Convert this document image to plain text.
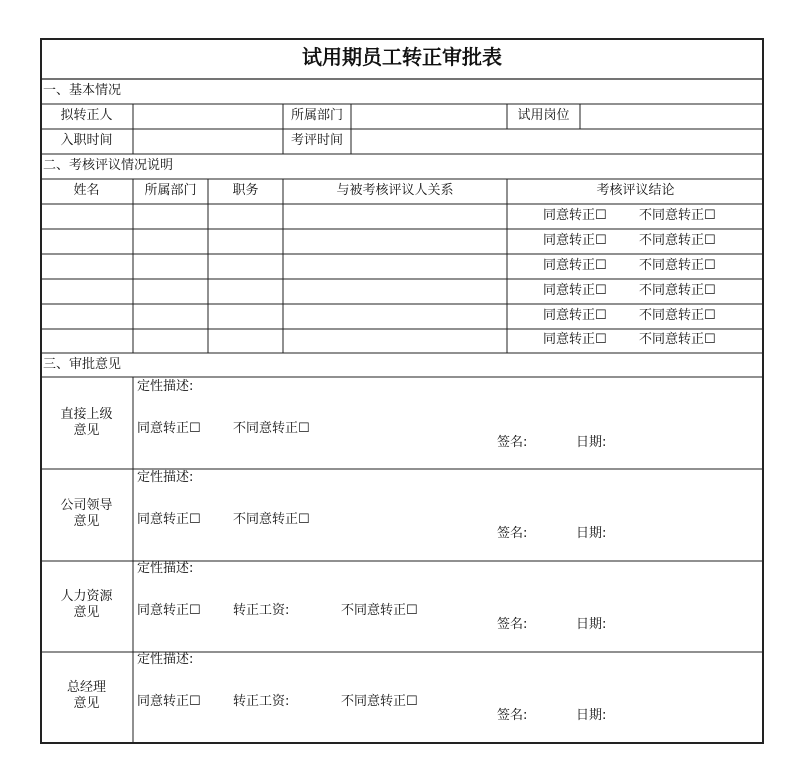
试用期员工转正审批表
一、基本情况
拟转正人	所属部门	试用岗位
入职时间	考评时间
二、考核评议情况说明
姓名	所属部门	职务	与被考核评议人关系	考核评议结论
同意转正☐ 不同意转正☐
同意转正☐ 不同意转正☐
同意转正☐ 不同意转正☐
同意转正☐ 不同意转正☐
同意转正☐ 不同意转正☐
同意转正☐ 不同意转正☐
三、审批意见
直接上级
意见
定性描述:
同意转正☐ 不同意转正☐
签名:	日期:
公司领导
意见
定性描述:
同意转正☐ 不同意转正☐
签名:	日期:
人力资源
意见
定性描述:
同意转正☐ 转正工资:	不同意转正☐
签名:	日期:
总经理
意见
定性描述:
同意转正☐ 转正工资:	不同意转正☐
签名:	日期:
